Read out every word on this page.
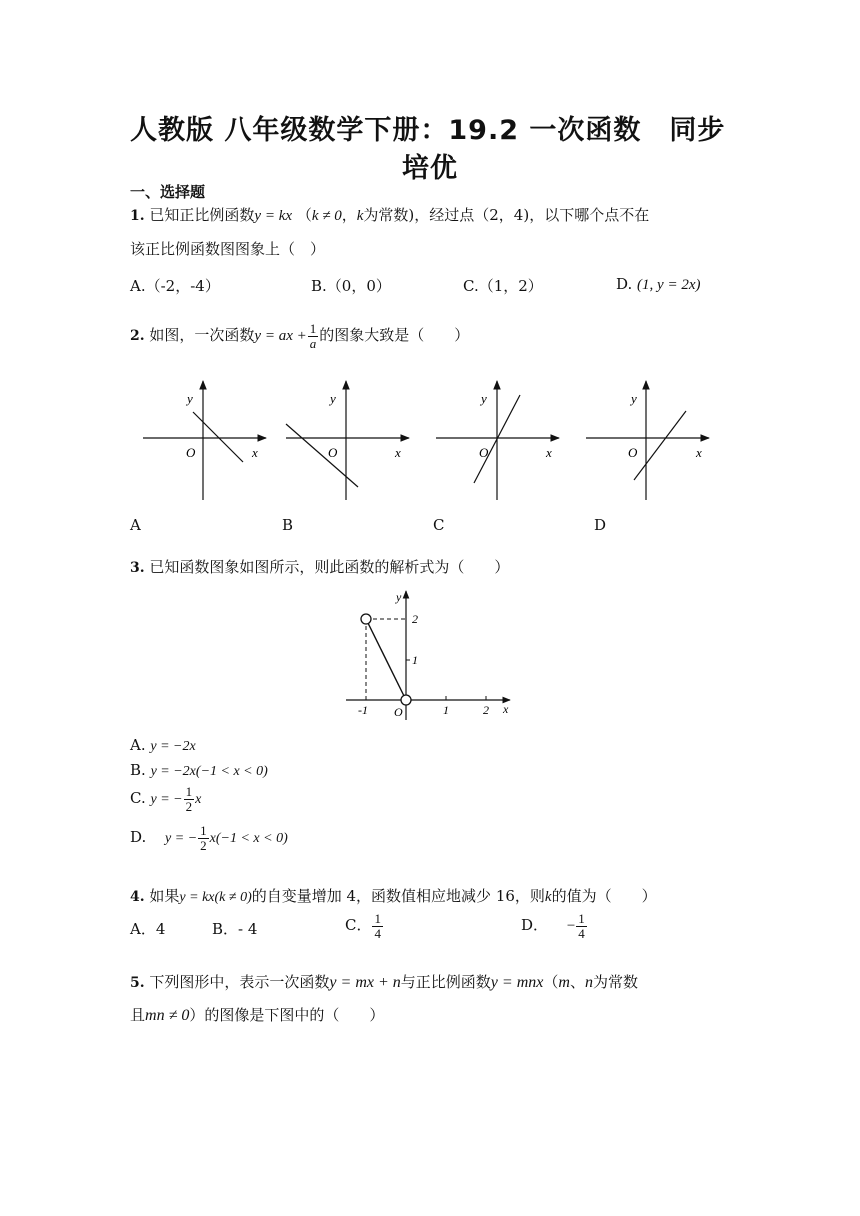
人教版 八年级数学下册：19.2 一次函数　同步
培优
一、选择题
1. 已知正比例函数y = kx （k ≠ 0，k为常数)，经过点（2，4)，以下哪个点不在
该正比例函数图图象上（　）
A.（-2，-4）	B.（0，0）	C.（1，2）	D. (1, y = 2x)
2. 如图，一次函数y = ax + $\frac{1}{a}$ 的图象大致是（　　）
y
x
O
y
x
O
y
x
O
y
x
O
A	B	C	D
3. 已知函数图象如图所示，则此函数的解析式为（　　）
y
x
O
2
1
-1	1	2
A. y = −2x
B. y = −2x(−1 < x < 0)
C. y = − $\frac{1}{2}$ x
D. y = − $\frac{1}{2} x(-1 < x < 0)$
4. 如果y = kx(k ≠ 0)的自变量增加 4，函数值相应地减少 16，则k的值为（　　）
A．4	B．- 4	C． $\frac{1}{4}$	D． − $\frac{1}{4}$
5. 下列图形中，表示一次函数y = mx + n与正比例函数y = mnx（m、n为常数
且mn ≠ 0）的图像是下图中的（　　）
